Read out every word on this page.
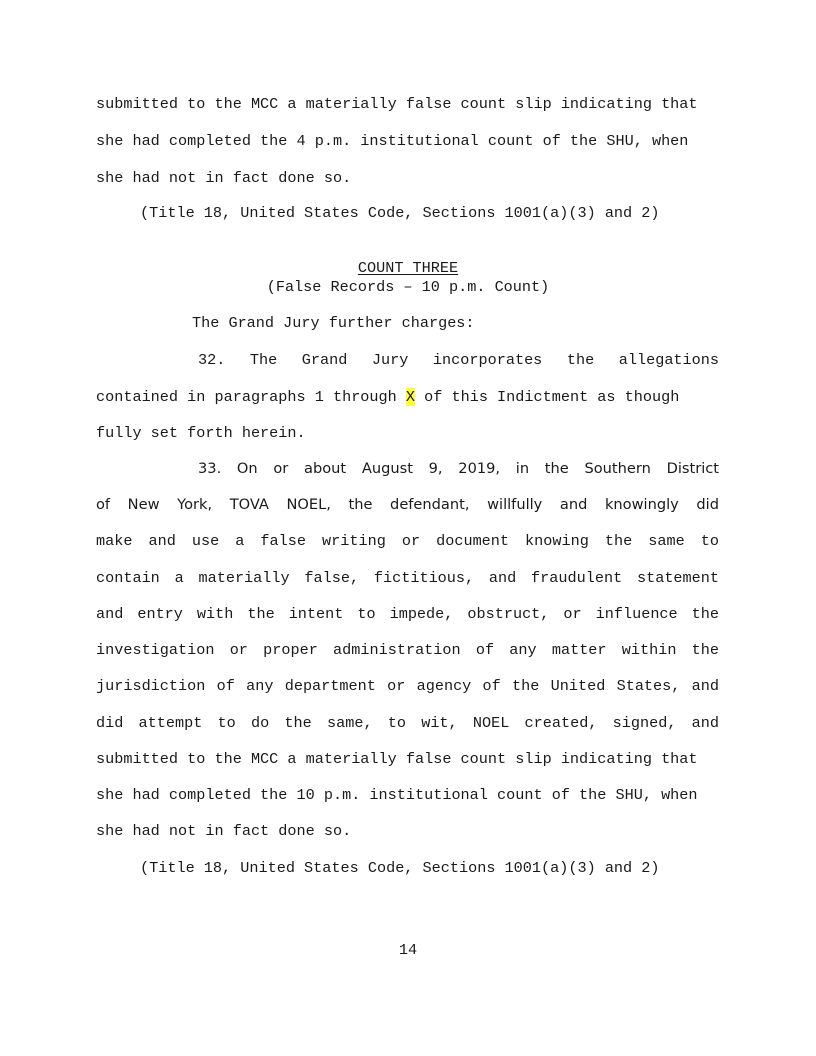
submitted to the MCC a materially false count slip indicating that
she had completed the 4 p.m. institutional count of the SHU, when
she had not in fact done so.
(Title 18, United States Code, Sections 1001(a)(3) and 2)
COUNT THREE
(False Records – 10 p.m. Count)
The Grand Jury further charges:
32. The Grand Jury incorporates the allegations
contained in paragraphs 1 through X of this Indictment as though
fully set forth herein.
33. On or about August 9, 2019, in the Southern District
of New York, TOVA NOEL, the defendant, willfully and knowingly did
make and use a false writing or document knowing the same to
contain a materially false, fictitious, and fraudulent statement
and entry with the intent to impede, obstruct, or influence the
investigation or proper administration of any matter within the
jurisdiction of any department or agency of the United States, and
did attempt to do the same, to wit, NOEL created, signed, and
submitted to the MCC a materially false count slip indicating that
she had completed the 10 p.m. institutional count of the SHU, when
she had not in fact done so.
(Title 18, United States Code, Sections 1001(a)(3) and 2)
14
